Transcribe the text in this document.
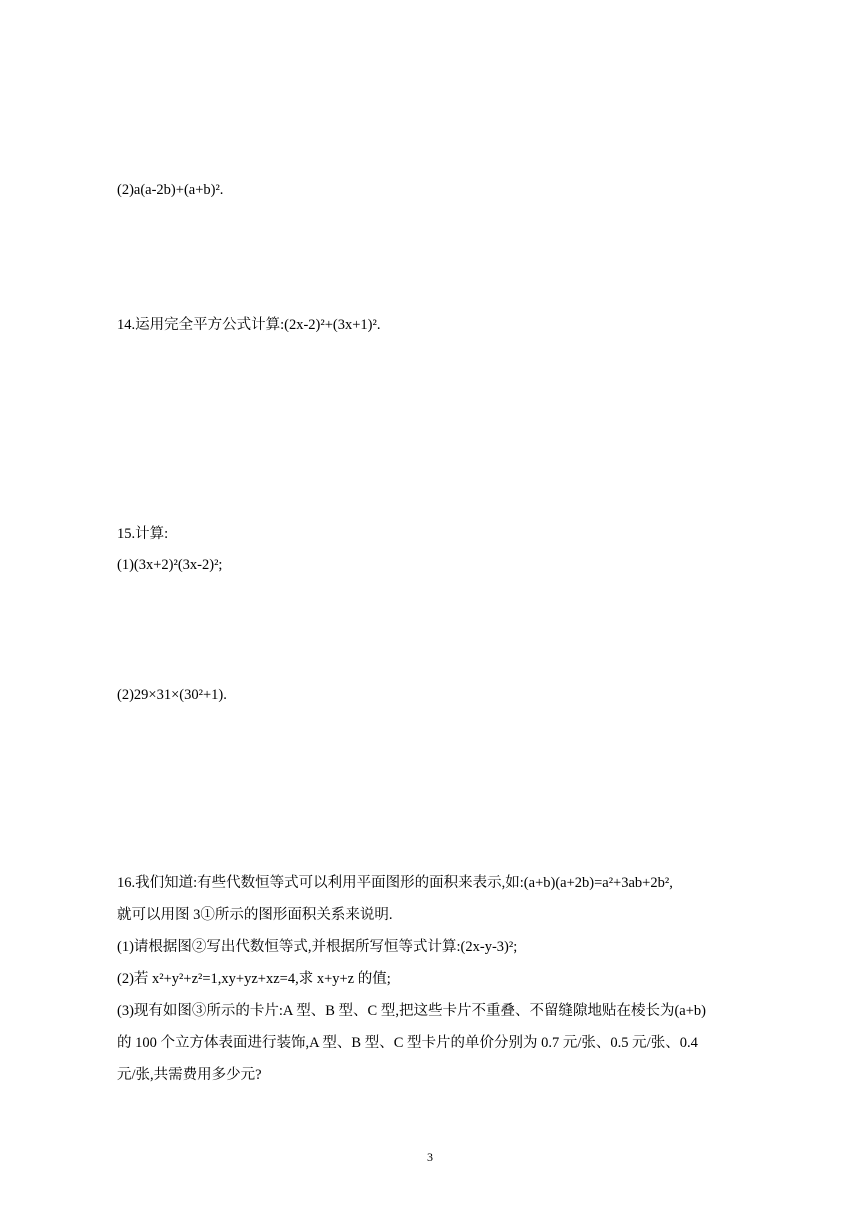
(2)a(a-2b)+(a+b)².
14.运用完全平方公式计算:(2x-2)²+(3x+1)².
15.计算:
(1)(3x+2)²(3x-2)²;
(2)29×31×(30²+1).
16.我们知道:有些代数恒等式可以利用平面图形的面积来表示,如:(a+b)(a+2b)=a²+3ab+2b²,
就可以用图 3①所示的图形面积关系来说明.
(1)请根据图②写出代数恒等式,并根据所写恒等式计算:(2x-y-3)²;
(2)若 x²+y²+z²=1,xy+yz+xz=4,求 x+y+z 的值;
(3)现有如图③所示的卡片:A 型、B 型、C 型,把这些卡片不重叠、不留缝隙地贴在棱长为(a+b)
的 100 个立方体表面进行装饰,A 型、B 型、C 型卡片的单价分别为 0.7 元/张、0.5 元/张、0.4
元/张,共需费用多少元?
3
